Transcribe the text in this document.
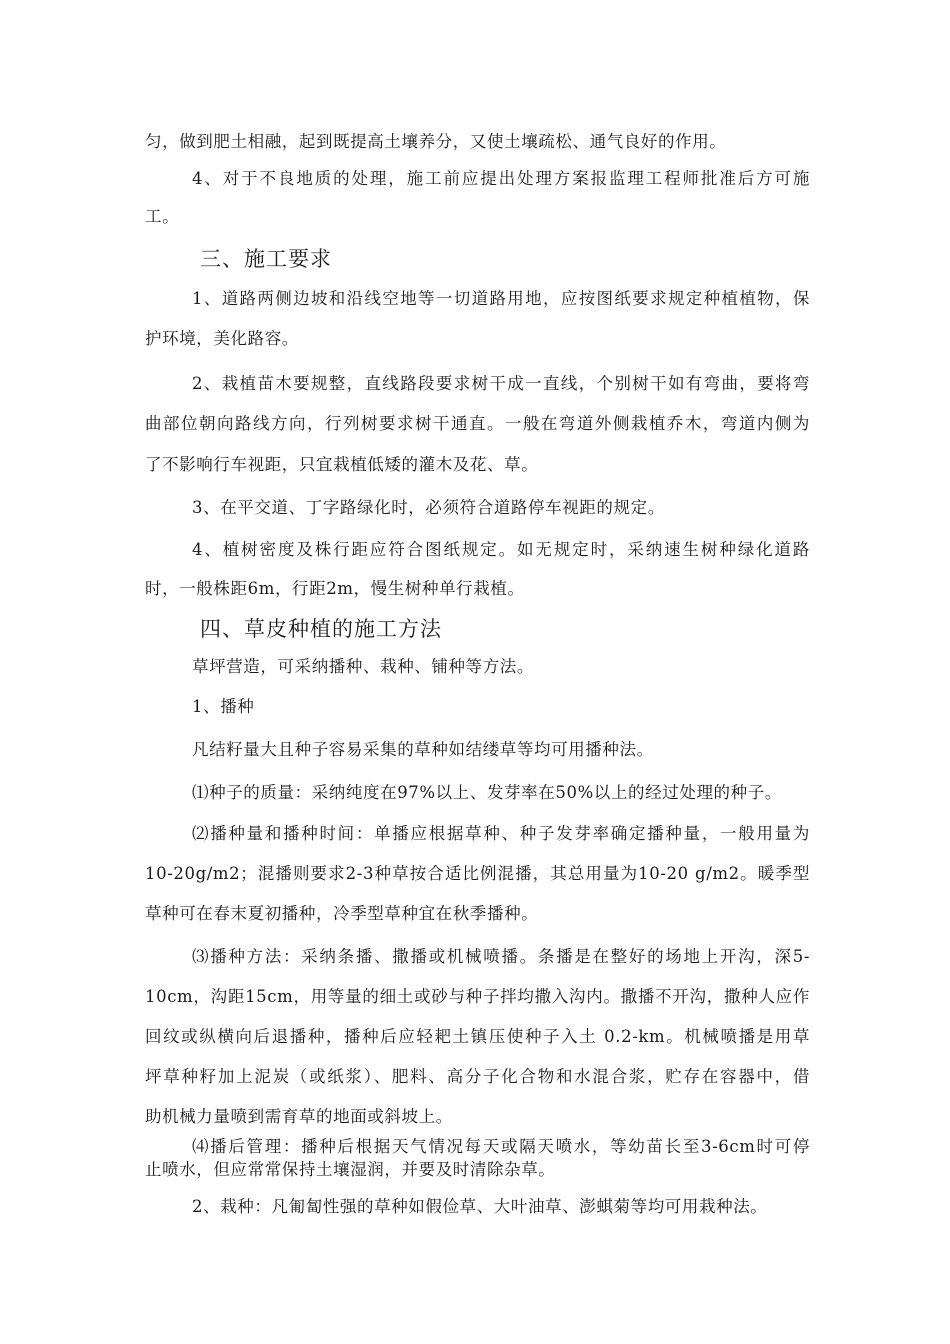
匀，做到肥土相融，起到既提高土壤养分，又使土壤疏松、通气良好的作用。
4、对于不良地质的处理，施工前应提出处理方案报监理工程师批准后方可施
工。
三、施工要求
1、道路两侧边坡和沿线空地等一切道路用地，应按图纸要求规定种植植物，保
护环境，美化路容。
2、栽植苗木要规整，直线路段要求树干成一直线，个别树干如有弯曲，要将弯
曲部位朝向路线方向，行列树要求树干通直。一般在弯道外侧栽植乔木，弯道内侧为
了不影响行车视距，只宜栽植低矮的灌木及花、草。
3、在平交道、丁字路绿化时，必须符合道路停车视距的规定。
4、植树密度及株行距应符合图纸规定。如无规定时，采纳速生树种绿化道路
时，一般株距6m，行距2m，慢生树种单行栽植。
四、草皮种植的施工方法
草坪营造，可采纳播种、栽种、铺种等方法。
1、播种
凡结籽量大且种子容易采集的草种如结缕草等均可用播种法。
⑴种子的质量：采纳纯度在97%以上、发芽率在50%以上的经过处理的种子。
⑵播种量和播种时间：单播应根据草种、种子发芽率确定播种量，一般用量为
10-20g/m2；混播则要求2-3种草按合适比例混播，其总用量为10-20 g/m2。暖季型
草种可在春末夏初播种，冷季型草种宜在秋季播种。
⑶播种方法：采纳条播、撒播或机械喷播。条播是在整好的场地上开沟，深5-
10cm，沟距15cm，用等量的细土或砂与种子拌均撒入沟内。撒播不开沟，撒种人应作
回纹或纵横向后退播种，播种后应轻耙土镇压使种子入土 0.2-km。机械喷播是用草
坪草种籽加上泥炭（或纸浆）、肥料、高分子化合物和水混合浆，贮存在容器中，借
助机械力量喷到需育草的地面或斜坡上。
⑷播后管理：播种后根据天气情况每天或隔天喷水，等幼苗长至3-6cm时可停
止喷水，但应常常保持土壤湿润，并要及时清除杂草。
2、栽种：凡匍匐性强的草种如假俭草、大叶油草、澎蜞菊等均可用栽种法。
